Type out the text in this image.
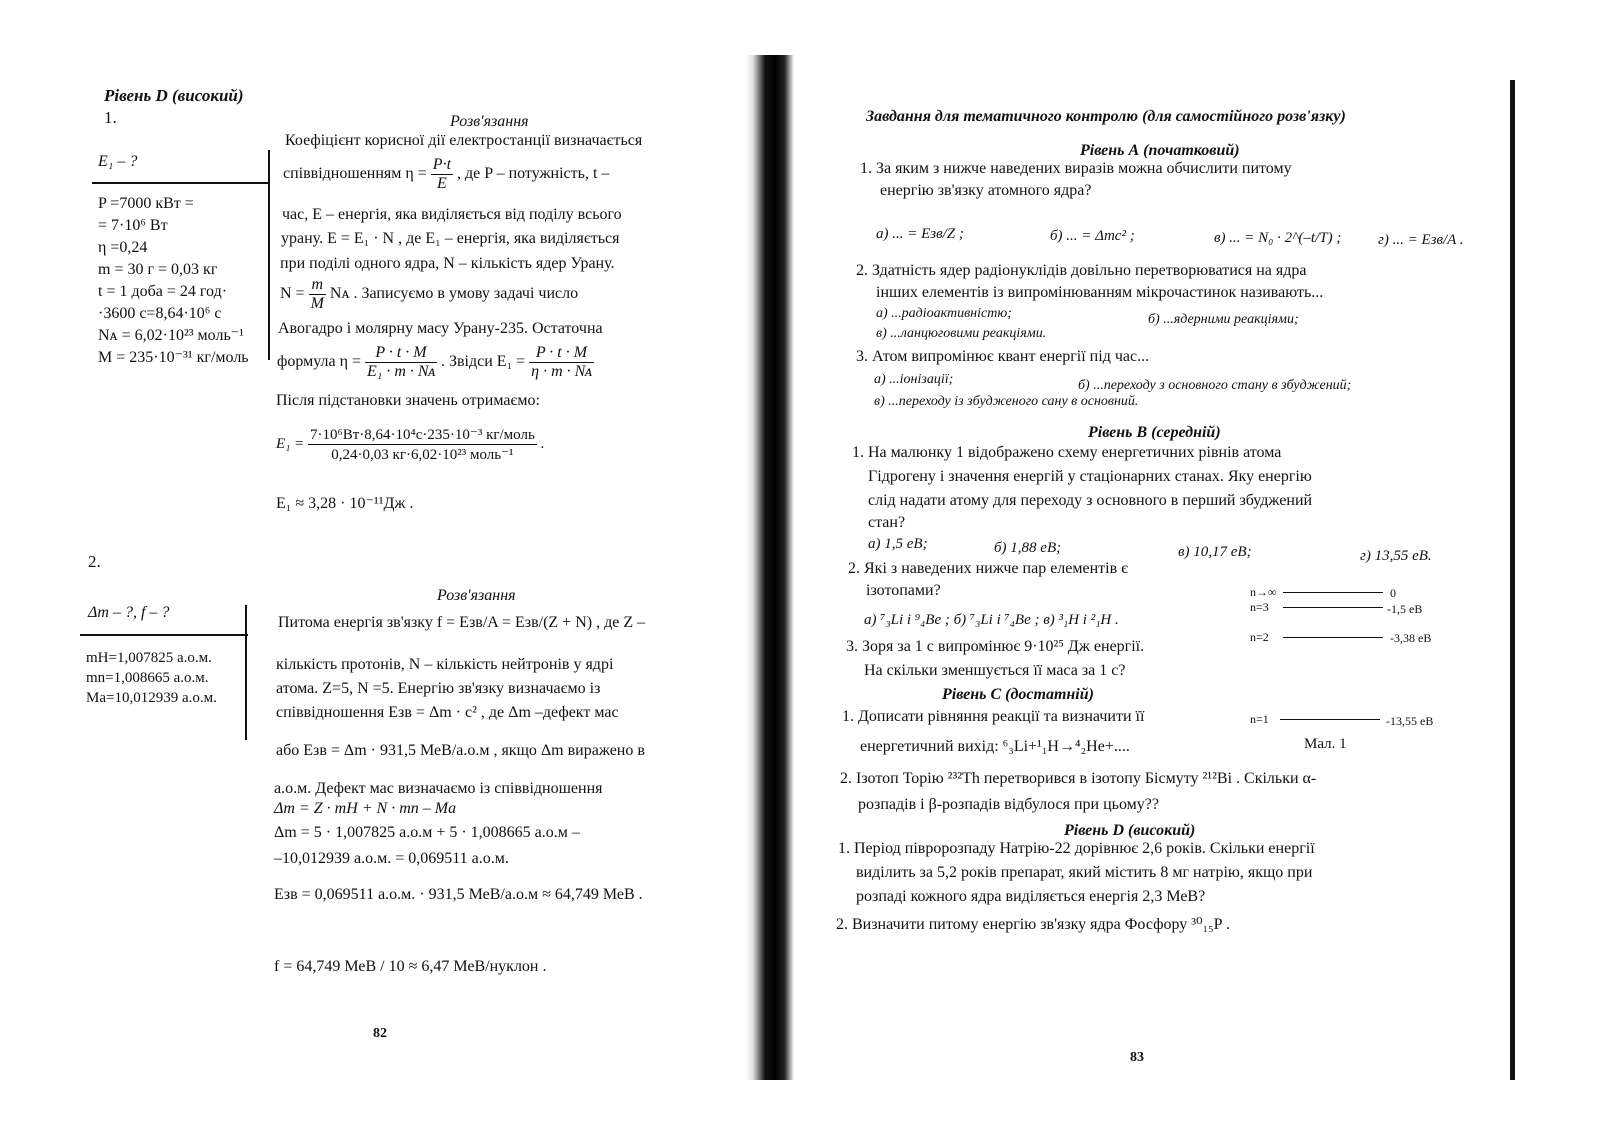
Рівень D (високий)
1.	Розв'язання
E₁ – ?
P =7000 кВт =
= 7·10⁶ Вт
η =0,24
m = 30 г = 0,03 кг
t = 1 доба = 24 год·
·3600 с=8,64·10⁶ с
Nᴀ = 6,02·10²³ моль⁻¹
M = 235·10⁻³¹ кг/моль
Коефіцієнт корисної дії електростанції визначається
співвідношенням $\eta = \frac{P\cdot t}{E}$ , де P – потужність, t –
час, E – енергія, яка виділяється від поділу всього
урану. E = E₁ · N , де E₁ – енергія, яка виділяється
при поділі одного ядра, N – кількість ядер Урану.
$N = \frac{m}{M}$ Nᴀ . Записуємо в умову задачі число
Авогадро і молярну масу Урану-235. Остаточна
формула $\eta = \frac{P \cdot t \cdot M}{\text{E₁ · m · Nᴀ}}$ . Звідси $E_1 = \frac{P \cdot t \cdot M}{\text{η · m · Nᴀ}}$
Після підстановки значень отримаємо:
$E_1 = \frac{\text{7·10⁶Вт·8,64·10⁴с·235·10⁻³ кг/моль}}{\text{0,24·0,03 кг·6,02·10²³ моль⁻¹}}$ .
E₁ ≈ 3,28 · 10⁻¹¹Дж .
2.
Розв'язання
Δm – ?, f – ?
mH=1,007825 а.о.м.
mn=1,008665 а.о.м.
Ma=10,012939 а.о.м.
Питома енергія зв'язку f = Eзв/A = Eзв/(Z + N) , де Z –
кількість протонів, N – кількість нейтронів у ядрі
атома. Z=5, N =5. Енергію зв'язку визначаємо із
співвідношення Eзв = Δm · c² , де Δm –дефект мас
або Eзв = Δm · 931,5 МеВ/а.о.м , якщо Δm виражено в
а.о.м. Дефект мас визначаємо із співвідношення
Δm = Z · mH + N · mn – Ma
Δm = 5 · 1,007825 а.о.м + 5 · 1,008665 а.о.м –
–10,012939 а.о.м. = 0,069511 а.о.м.
Eзв = 0,069511 а.о.м. · 931,5 МеВ/а.о.м ≈ 64,749 МеВ .
f = 64,749 МеВ / 10 ≈ 6,47 МеВ/нуклон .
82
Завдання для тематичного контролю (для самостійного розв'язку)
Рівень А (початковий)
1. За яким з нижче наведених виразів можна обчислити питому
енергію зв'язку атомного ядра?
а) ... = Eзв/Z ;	б) ... = Δmc² ;	в) ... = N₀ · 2^(–t/T) ; г) ... = Eзв/A .
2. Здатність ядер радіонуклідів довільно перетворюватися на ядра
інших елементів із випромінюванням мікрочастинок називають...
а) ...радіоактивністю;	б) ...ядерними реакціями;
в) ...ланцюговими реакціями.
3. Атом випромінює квант енергії під час...
а) ...іонізації;	б) ...переходу з основного стану в збуджений;
в) ...переходу із збудженого сану в основний.
Рівень В (середній)
1. На малюнку 1 відображено схему енергетичних рівнів атома
Гідрогену і значення енергій у стаціонарних станах. Яку енергію
слід надати атому для переходу з основного в перший збуджений
стан?
а) 1,5 еВ;	б) 1,88 еВ;	в) 10,17 еВ;	г) 13,55 еВ.
2. Які з наведених нижче пар елементів є
ізотопами?
а) ⁷₃Li і ⁹₄Be ; б) ⁷₃Li і ⁷₄Be ; в) ³₁H і ²₁H .
3. Зоря за 1 с випромінює 9·10²⁵ Дж енергії.
На скільки зменшується її маса за 1 с?
n→∞	0
n=3	-1,5 еВ
n=2	-3,38 еВ
n=1	-13,55 еВ
Мал. 1
Рівень С (достатній)
1. Дописати рівняння реакції та визначити її
енергетичний вихід: ⁶₃Li+¹₁H→⁴₂He+....
2. Ізотоп Торію ²³²Th перетворився в ізотопу Бісмуту ²¹²Bi . Скільки α-
розпадів і β-розпадів відбулося при цьому??
Рівень D (високий)
1. Період півророзпаду Натрію-22 дорівнює 2,6 років. Скільки енергії
виділить за 5,2 років препарат, який містить 8 мг натрію, якщо при
розпаді кожного ядра виділяється енергія 2,3 МеВ?
2. Визначити питому енергію зв'язку ядра Фосфору ³⁰₁₅P .
83
